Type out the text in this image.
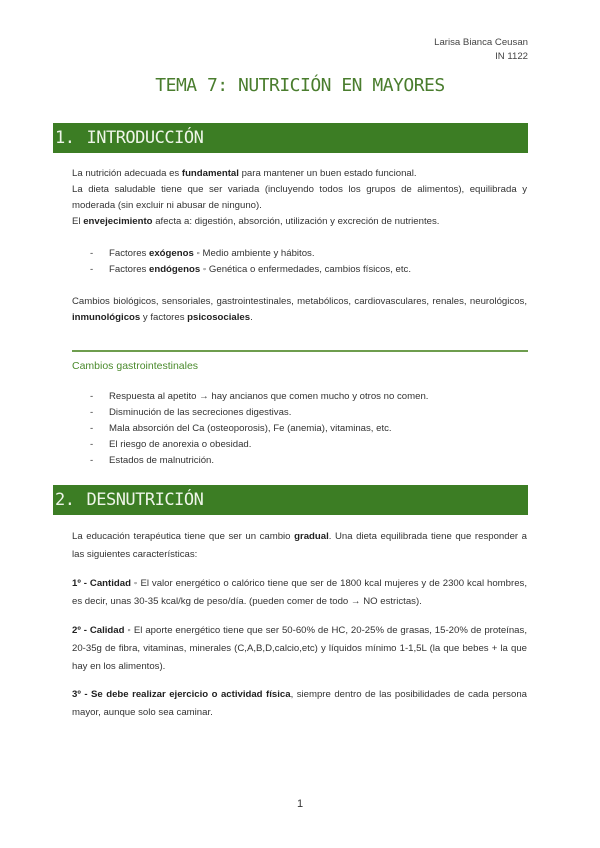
Larisa Bianca Ceusan
IN 1122
TEMA 7: NUTRICIÓN EN MAYORES
1. INTRODUCCIÓN

La nutrición adecuada es fundamental para mantener un buen estado funcional.

La dieta saludable tiene que ser variada (incluyendo todos los grupos de alimentos), equilibrada y moderada (sin excluir ni abusar de ninguno).

El envejecimiento afecta a: digestión, absorción, utilización y excreción de nutrientes.

- Factores exógenos ◦ Medio ambiente y hábitos.
- Factores endógenos ◦ Genética o enfermedades, cambios físicos, etc.

Cambios biológicos, sensoriales, gastrointestinales, metabólicos, cardiovasculares, renales, neurológicos, inmunológicos y factores psicosociales.

Cambios gastrointestinales
- Respuesta al apetito → hay ancianos que comen mucho y otros no comen.
- Disminución de las secreciones digestivas.
- Mala absorción del Ca (osteoporosis), Fe (anemia), vitaminas, etc.
- El riesgo de anorexia o obesidad.
- Estados de malnutrición.
2. DESNUTRICIÓN

La educación terapéutica tiene que ser un cambio gradual. Una dieta equilibrada tiene que responder a las siguientes características:

1º - Cantidad ◦ El valor energético o calórico tiene que ser de 1800 kcal mujeres y de 2300 kcal hombres, es decir, unas 30-35 kcal/kg de peso/día. (pueden comer de todo → NO estrictas).

2º - Calidad ◦ El aporte energético tiene que ser 50-60% de HC, 20-25% de grasas, 15-20% de proteínas, 20-35g de fibra, vitaminas, minerales (C,A,B,D,calcio,etc) y líquidos mínimo 1-1,5L (la que bebes + la que hay en los alimentos).

3º - Se debe realizar ejercicio o actividad física, siempre dentro de las posibilidades de cada persona mayor, aunque solo sea caminar.

1
